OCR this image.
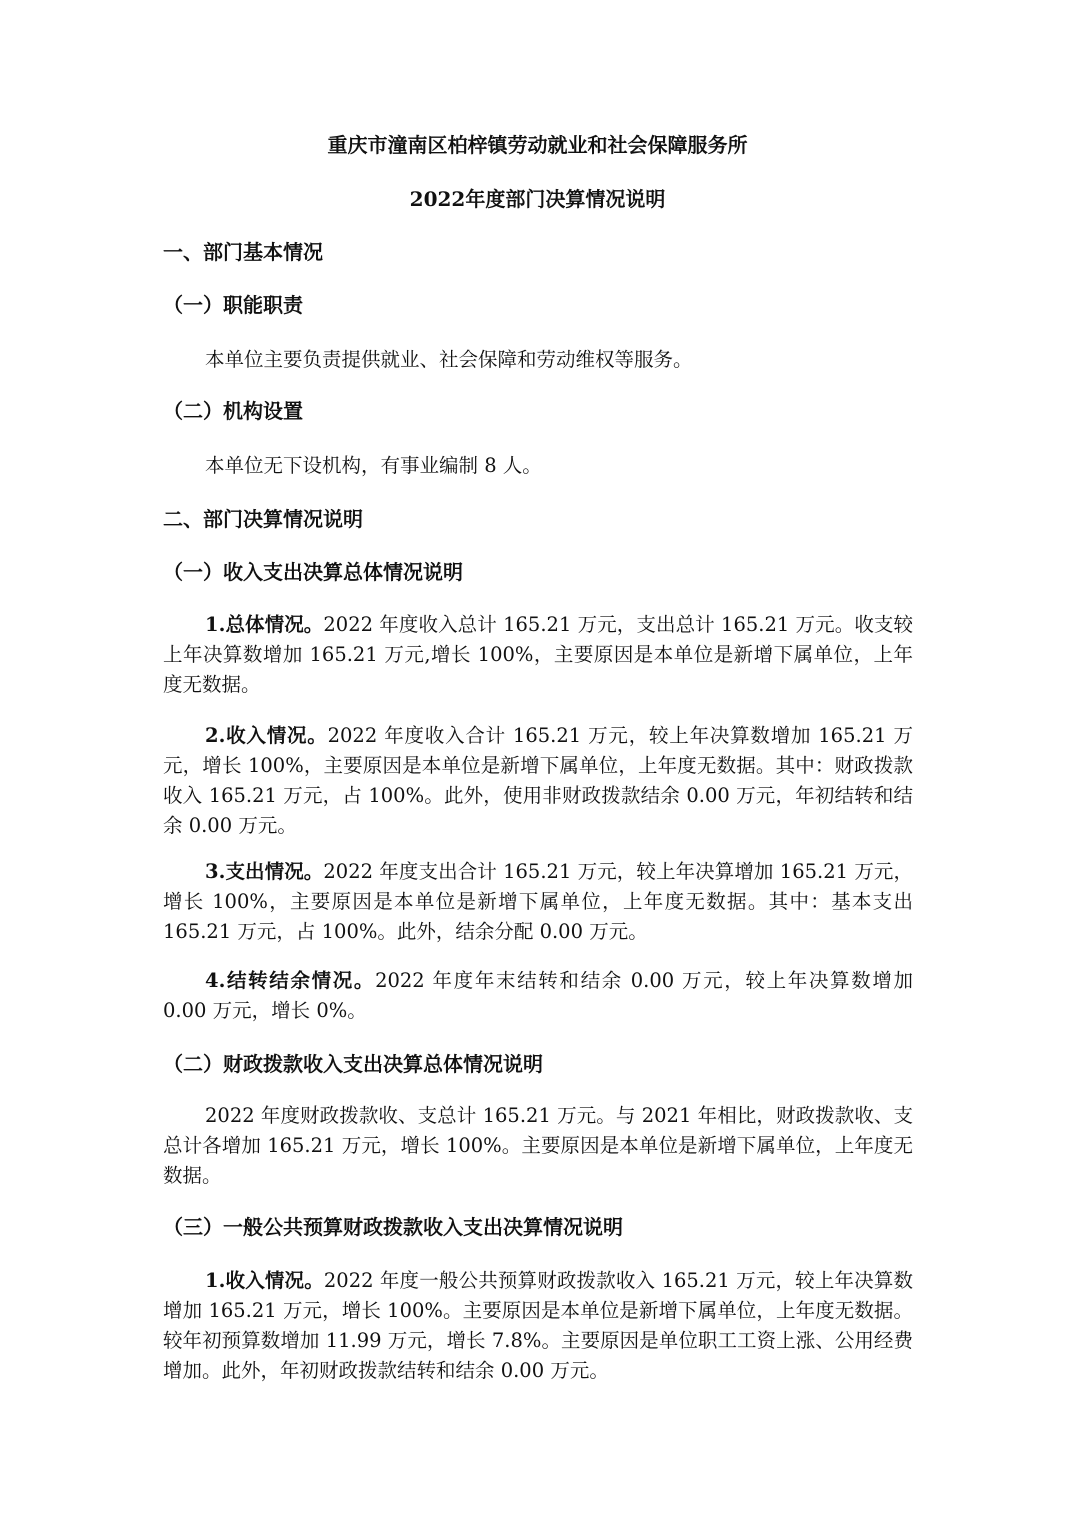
重庆市潼南区柏梓镇劳动就业和社会保障服务所
2022年度部门决算情况说明
一、部门基本情况
（一）职能职责
本单位主要负责提供就业、社会保障和劳动维权等服务。
（二）机构设置
本单位无下设机构，有事业编制 8 人。
二、部门决算情况说明
（一）收入支出决算总体情况说明
1.总体情况。2022 年度收入总计 165.21 万元，支出总计 165.21 万元。收支较上年决算数增加 165.21 万元,增长 100%，主要原因是本单位是新增下属单位，上年度无数据。
2.收入情况。2022 年度收入合计 165.21 万元，较上年决算数增加 165.21 万元，增长 100%，主要原因是本单位是新增下属单位，上年度无数据。其中：财政拨款收入 165.21 万元，占 100%。此外，使用非财政拨款结余 0.00 万元，年初结转和结余 0.00 万元。
3.支出情况。2022 年度支出合计 165.21 万元，较上年决算增加 165.21 万元，增长 100%，主要原因是本单位是新增下属单位，上年度无数据。其中：基本支出 165.21 万元，占 100%。此外，结余分配 0.00 万元。
4.结转结余情况。2022 年度年末结转和结余 0.00 万元，较上年决算数增加 0.00 万元，增长 0%。
（二）财政拨款收入支出决算总体情况说明
2022 年度财政拨款收、支总计 165.21 万元。与 2021 年相比，财政拨款收、支总计各增加 165.21 万元，增长 100%。主要原因是本单位是新增下属单位，上年度无数据。
（三）一般公共预算财政拨款收入支出决算情况说明
1.收入情况。2022 年度一般公共预算财政拨款收入 165.21 万元，较上年决算数增加 165.21 万元，增长 100%。主要原因是本单位是新增下属单位，上年度无数据。较年初预算数增加 11.99 万元，增长 7.8%。主要原因是单位职工工资上涨、公用经费增加。此外，年初财政拨款结转和结余 0.00 万元。
